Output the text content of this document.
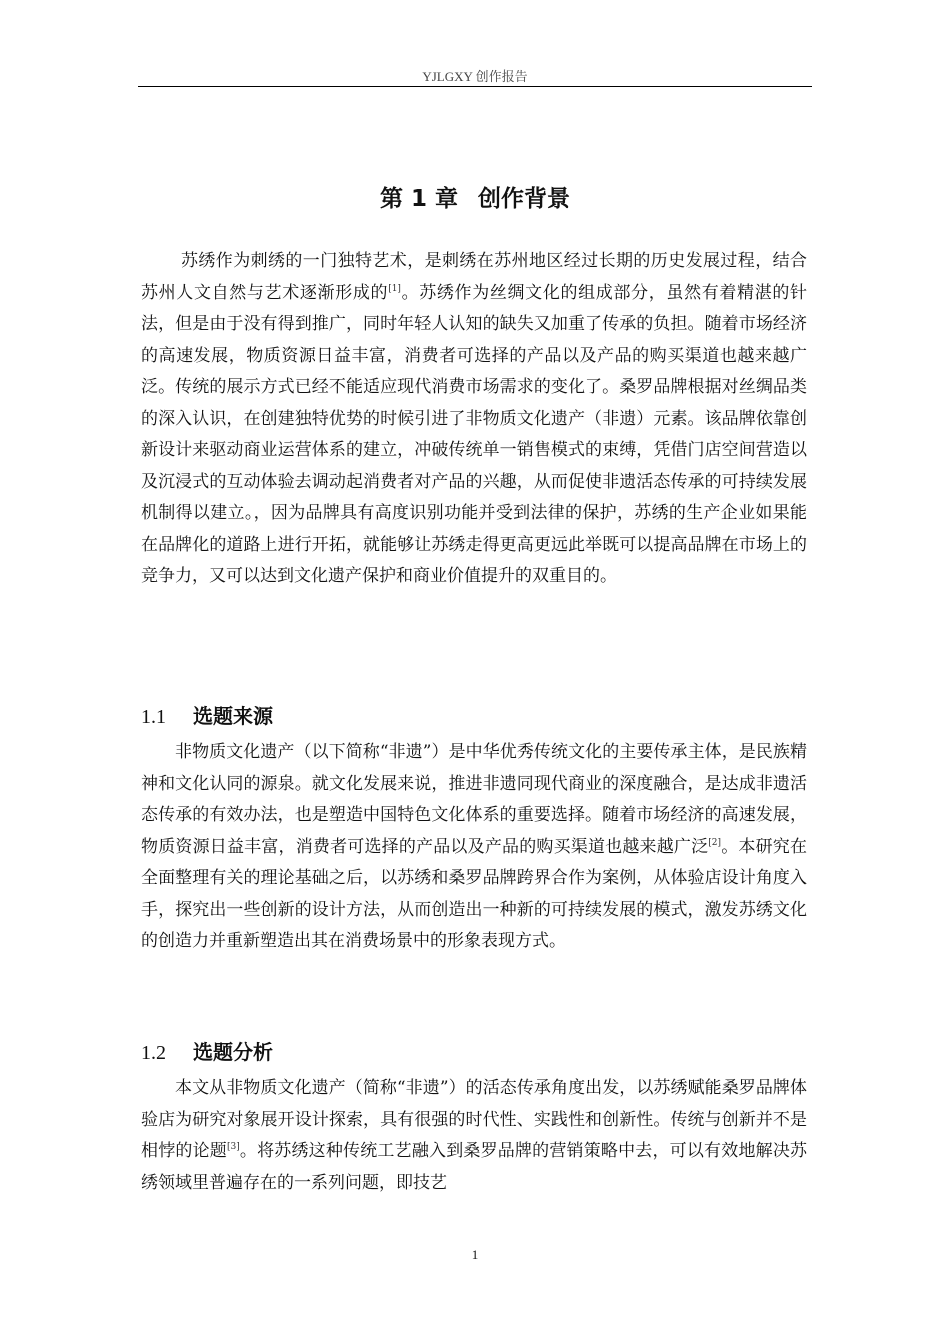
YJLGXY 创作报告
第 1 章 创作背景

苏绣作为刺绣的一门独特艺术，是刺绣在苏州地区经过长期的历史发展过程，结合苏州人文自然与艺术逐渐形成的[1]。苏绣作为丝绸文化的组成部分，虽然有着精湛的针法，但是由于没有得到推广，同时年轻人认知的缺失又加重了传承的负担。随着市场经济的高速发展，物质资源日益丰富，消费者可选择的产品以及产品的购买渠道也越来越广泛。传统的展示方式已经不能适应现代消费市场需求的变化了。桑罗品牌根据对丝绸品类的深入认识，在创建独特优势的时候引进了非物质文化遗产（非遗）元素。该品牌依靠创新设计来驱动商业运营体系的建立，冲破传统单一销售模式的束缚，凭借门店空间营造以及沉浸式的互动体验去调动起消费者对产品的兴趣，从而促使非遗活态传承的可持续发展机制得以建立。，因为品牌具有高度识别功能并受到法律的保护，苏绣的生产企业如果能在品牌化的道路上进行开拓，就能够让苏绣走得更高更远此举既可以提高品牌在市场上的竞争力，又可以达到文化遗产保护和商业价值提升的双重目的。

1.1 选题来源

非物质文化遗产（以下简称“非遗”）是中华优秀传统文化的主要传承主体，是民族精神和文化认同的源泉。就文化发展来说，推进非遗同现代商业的深度融合，是达成非遗活态传承的有效办法，也是塑造中国特色文化体系的重要选择。随着市场经济的高速发展，物质资源日益丰富，消费者可选择的产品以及产品的购买渠道也越来越广泛[2]。本研究在全面整理有关的理论基础之后，以苏绣和桑罗品牌跨界合作为案例，从体验店设计角度入手，探究出一些创新的设计方法，从而创造出一种新的可持续发展的模式，激发苏绣文化的创造力并重新塑造出其在消费场景中的形象表现方式。

1.2 选题分析

本文从非物质文化遗产（简称“非遗”）的活态传承角度出发，以苏绣赋能桑罗品牌体验店为研究对象展开设计探索，具有很强的时代性、实践性和创新性。传统与创新并不是相悖的论题[3]。将苏绣这种传统工艺融入到桑罗品牌的营销策略中去，可以有效地解决苏绣领域里普遍存在的一系列问题，即技艺

1
